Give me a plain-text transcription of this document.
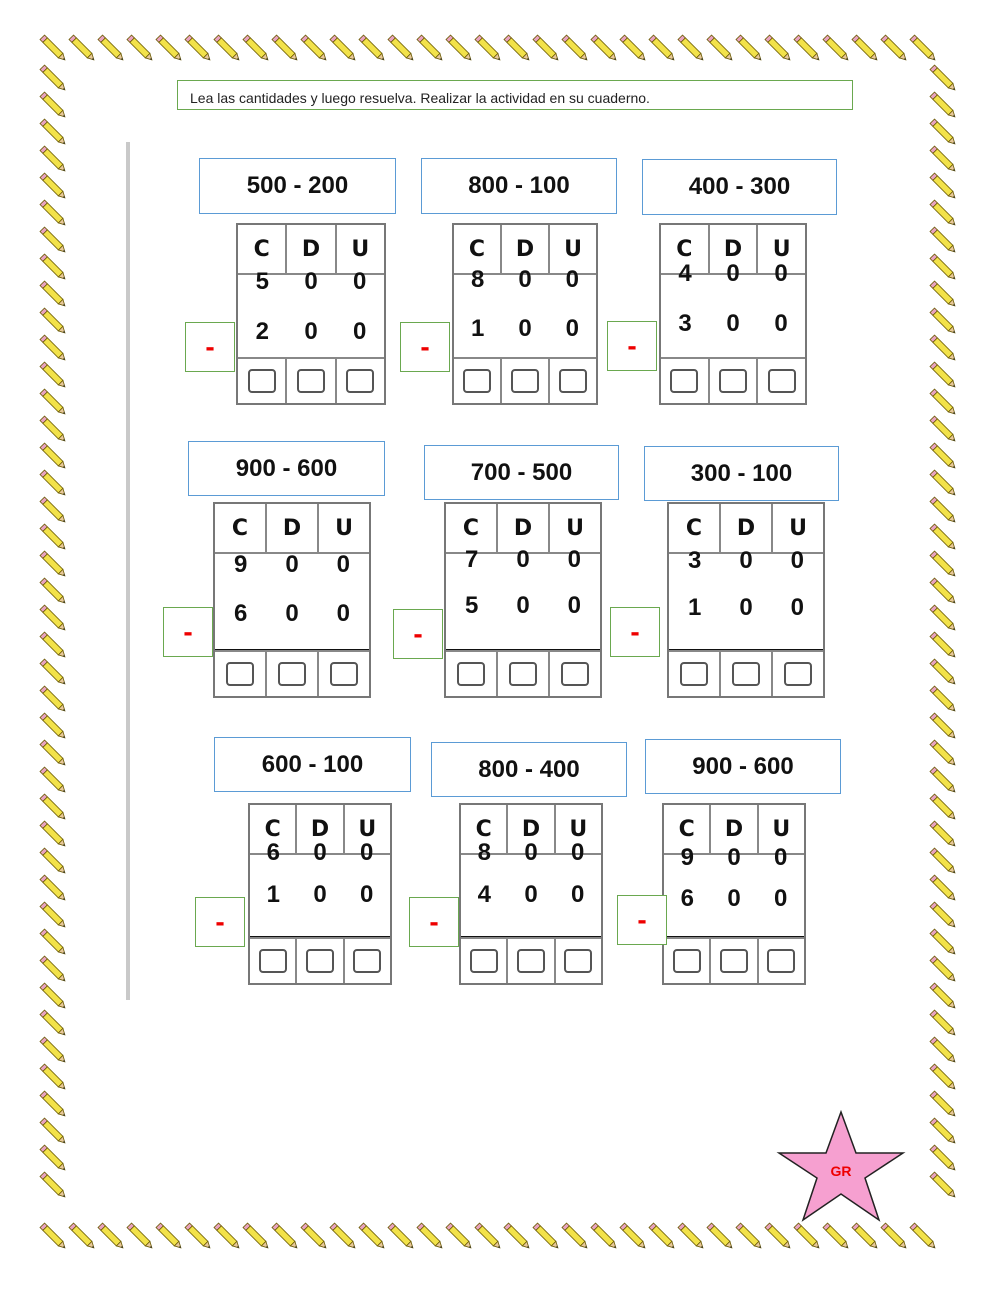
Lea las cantidades y luego resuelva. Realizar la actividad en su cuaderno.
500 - 200
C	D	U
5	0	0
2	0	0
-
800 - 100
C	D	U
8	0	0
1	0	0
-
400 - 300
C	D	U
4	0	0
3	0	0
-
900 - 600
C	D	U
9	0	0
6	0	0
-
700 - 500
C	D	U
7	0	0
5	0	0
-
300 - 100
C	D	U
3	0	0
1	0	0
-
600 - 100
C	D	U
6	0	0
1	0	0
-
800 - 400
C	D	U
8	0	0
4	0	0
-
900 - 600
C	D	U
9	0	0
6	0	0
-
GR
